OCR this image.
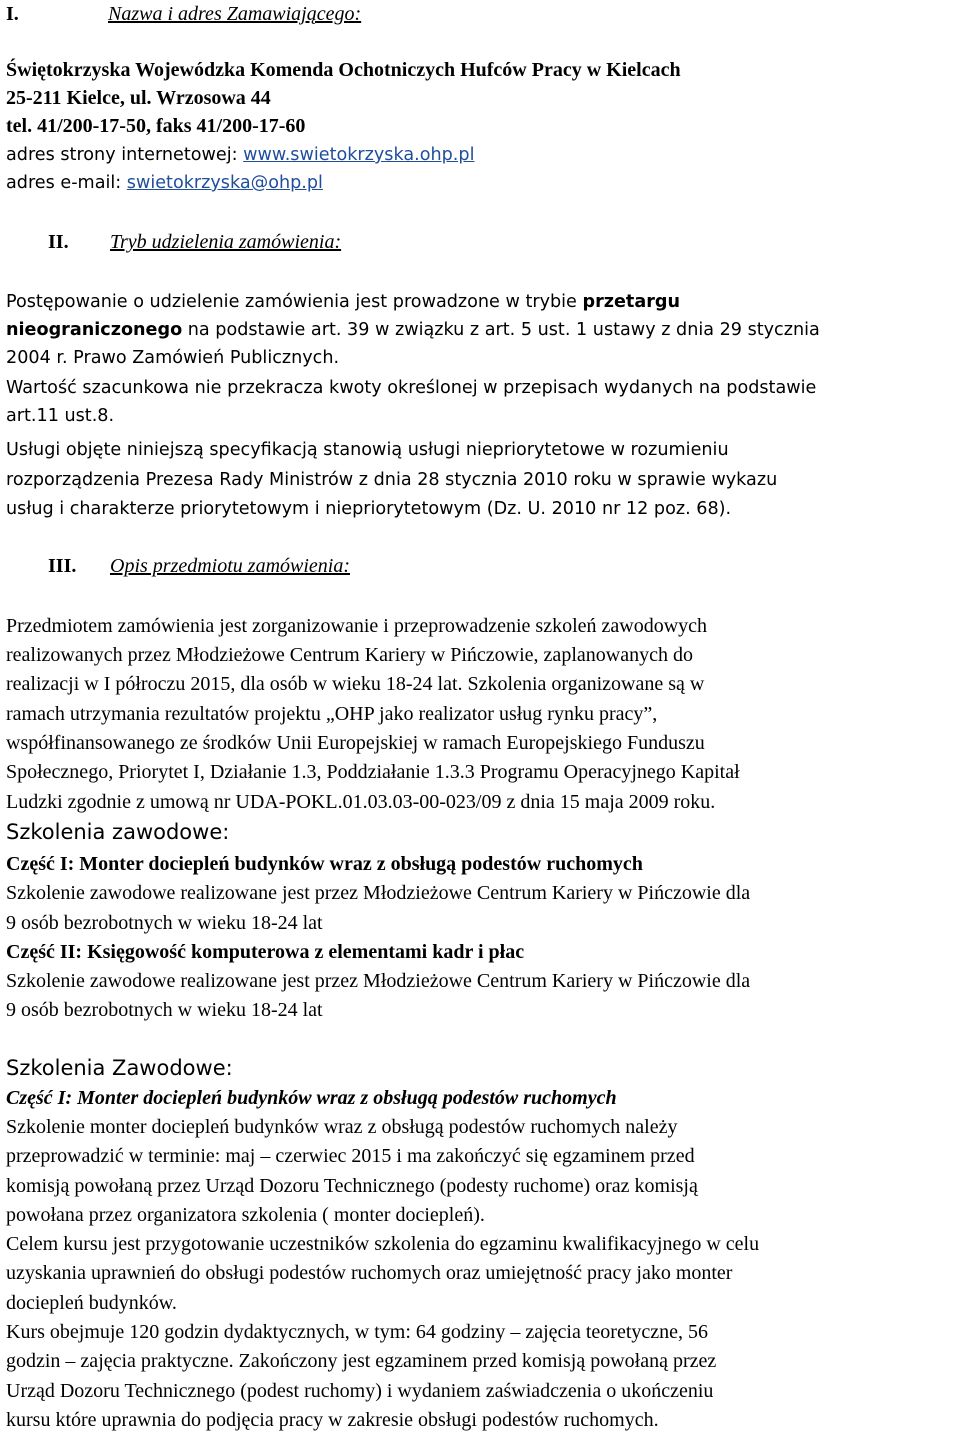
I.	Nazwa i adres Zamawiającego:
Świętokrzyska Wojewódzka Komenda Ochotniczych Hufców Pracy w Kielcach
25-211 Kielce, ul. Wrzosowa 44
tel. 41/200-17-50, faks 41/200-17-60
adres strony internetowej: www.swietokrzyska.ohp.pl
adres e-mail: swietokrzyska@ohp.pl
II. Tryb udzielenia zamówienia:
Postępowanie o udzielenie zamówienia jest prowadzone w trybie przetargu
nieograniczonego na podstawie art. 39 w związku z art. 5 ust. 1 ustawy z dnia 29 stycznia
2004 r. Prawo Zamówień Publicznych.
Wartość szacunkowa nie przekracza kwoty określonej w przepisach wydanych na podstawie
art.11 ust.8.
Usługi objęte niniejszą specyfikacją stanowią usługi niepriorytetowe w rozumieniu
rozporządzenia Prezesa Rady Ministrów z dnia 28 stycznia 2010 roku w sprawie wykazu
usług i charakterze priorytetowym i niepriorytetowym (Dz. U. 2010 nr 12 poz. 68).
III. Opis przedmiotu zamówienia:
Przedmiotem zamówienia jest zorganizowanie i przeprowadzenie szkoleń zawodowych
realizowanych przez Młodzieżowe Centrum Kariery w Pińczowie, zaplanowanych do
realizacji w I półroczu 2015, dla osób w wieku 18-24 lat. Szkolenia organizowane są w
ramach utrzymania rezultatów projektu „OHP jako realizator usług rynku pracy”,
współfinansowanego ze środków Unii Europejskiej w ramach Europejskiego Funduszu
Społecznego, Priorytet I, Działanie 1.3, Poddziałanie 1.3.3 Programu Operacyjnego Kapitał
Ludzki zgodnie z umową nr UDA-POKL.01.03.03-00-023/09 z dnia 15 maja 2009 roku.
Szkolenia zawodowe:
Część I: Monter dociepleń budynków wraz z obsługą podestów ruchomych
Szkolenie zawodowe realizowane jest przez Młodzieżowe Centrum Kariery w Pińczowie dla
9 osób bezrobotnych w wieku 18-24 lat
Część II: Księgowość komputerowa z elementami kadr i płac
Szkolenie zawodowe realizowane jest przez Młodzieżowe Centrum Kariery w Pińczowie dla
9 osób bezrobotnych w wieku 18-24 lat
Szkolenia Zawodowe:
Część I: Monter dociepleń budynków wraz z obsługą podestów ruchomych
Szkolenie monter dociepleń budynków wraz z obsługą podestów ruchomych należy
przeprowadzić w terminie: maj – czerwiec 2015 i ma zakończyć się egzaminem przed
komisją powołaną przez Urząd Dozoru Technicznego (podesty ruchome) oraz komisją
powołana przez organizatora szkolenia ( monter dociepleń).
Celem kursu jest przygotowanie uczestników szkolenia do egzaminu kwalifikacyjnego w celu
uzyskania uprawnień do obsługi podestów ruchomych oraz umiejętność pracy jako monter
dociepleń budynków.
Kurs obejmuje 120 godzin dydaktycznych, w tym: 64 godziny – zajęcia teoretyczne, 56
godzin – zajęcia praktyczne. Zakończony jest egzaminem przed komisją powołaną przez
Urząd Dozoru Technicznego (podest ruchomy) i wydaniem zaświadczenia o ukończeniu
kursu które uprawnia do podjęcia pracy w zakresie obsługi podestów ruchomych.
